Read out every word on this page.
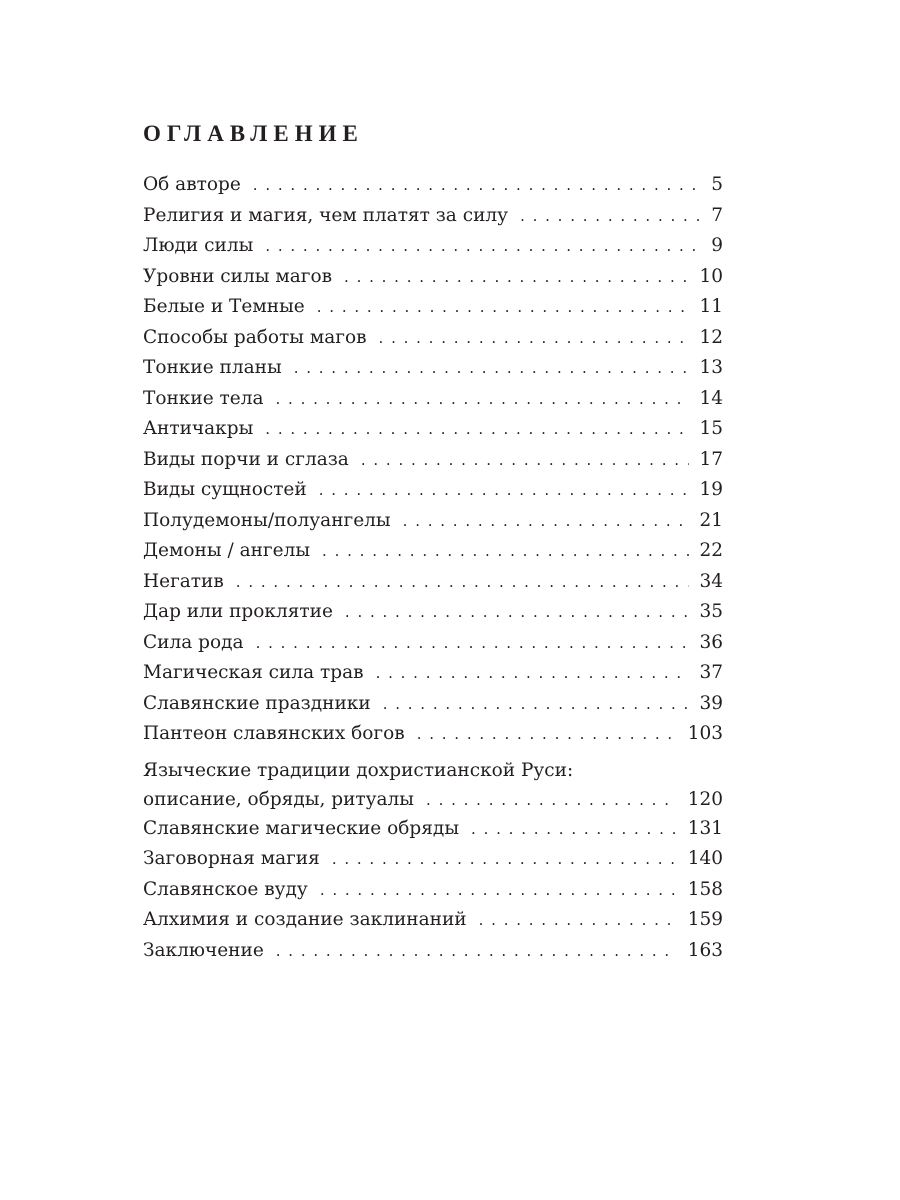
ОГЛАВЛЕНИЕ
Об авторе . . .	5
Религия и магия, чем платят за силу . . .	7
Люди силы . . .	9
Уровни силы магов . . .	10
Белые и Темные . . .	11
Способы работы магов . . .	12
Тонкие планы . . .	13
Тонкие тела . . .	14
Античакры . . .	15
Виды порчи и сглаза . . .	17
Виды сущностей . . .	19
Полудемоны/полуангелы . . .	21
Демоны / ангелы . . .	22
Негатив . . .	34
Дар или проклятие . . .	35
Сила рода . . .	36
Магическая сила трав . . .	37
Славянские праздники . . .	39
Пантеон славянских богов . . .	103
Языческие традиции дохристианской Руси:
описание, обряды, ритуалы . . .	120
Славянские магические обряды . . .	131
Заговорная магия . . .	140
Славянское вуду . . .	158
Алхимия и создание заклинаний . . .	159
Заключение . . .	163
